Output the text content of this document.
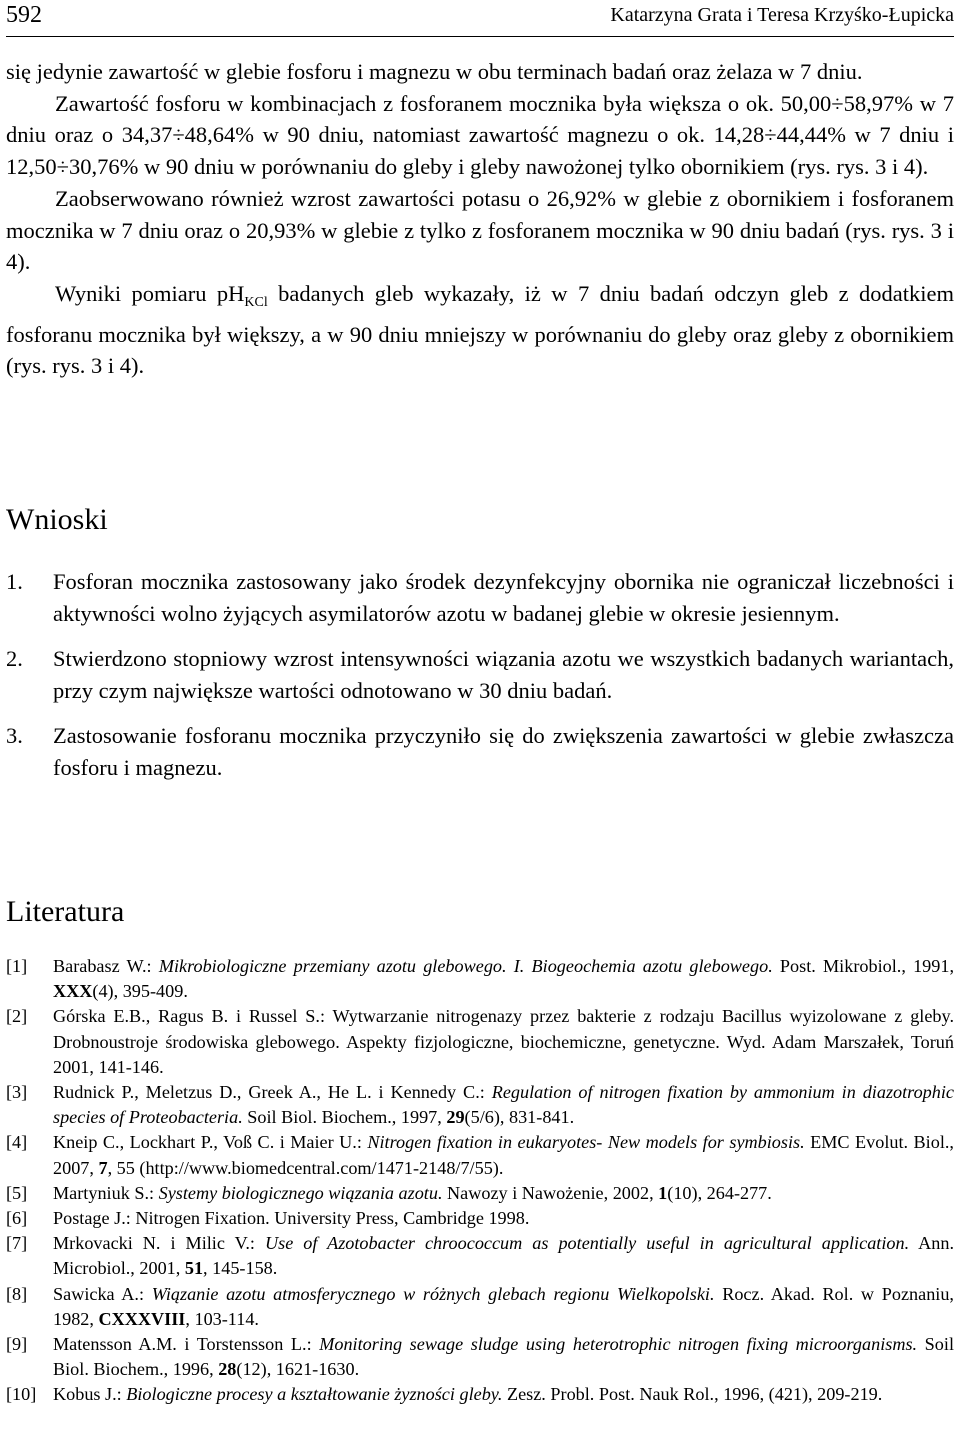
592	Katarzyna Grata i Teresa Krzyśko-Łupicka

się jedynie zawartość w glebie fosforu i magnezu w obu terminach badań oraz żelaza w 7 dniu.

Zawartość fosforu w kombinacjach z fosforanem mocznika była większa o ok. 50,00÷58,97% w 7 dniu oraz o 34,37÷48,64% w 90 dniu, natomiast zawartość magnezu o ok. 14,28÷44,44% w 7 dniu i 12,50÷30,76% w 90 dniu w porównaniu do gleby i gleby nawożonej tylko obornikiem (rys. rys. 3 i 4).

Zaobserwowano również wzrost zawartości potasu o 26,92% w glebie z obornikiem i fosforanem mocznika w 7 dniu oraz o 20,93% w glebie z tylko z fosforanem mocznika w 90 dniu badań (rys. rys. 3 i 4).

Wyniki pomiaru $pH_{KCl}$ badanych gleb wykazały, iż w 7 dniu badań odczyn gleb z dodatkiem fosforanu mocznika był większy, a w 90 dniu mniejszy w porównaniu do gleby oraz gleby z obornikiem (rys. rys. 3 i 4).

Wnioski
1.	Fosforan mocznika zastosowany jako środek dezynfekcyjny obornika nie ograniczał liczebności i aktywności wolno żyjących asymilatorów azotu w badanej glebie w okresie jesiennym.
2.	Stwierdzono stopniowy wzrost intensywności wiązania azotu we wszystkich badanych wariantach, przy czym największe wartości odnotowano w 30 dniu badań.
3.	Zastosowanie fosforanu mocznika przyczyniło się do zwiększenia zawartości w glebie zwłaszcza fosforu i magnezu.
Literatura
[1]	Barabasz W.: Mikrobiologiczne przemiany azotu glebowego. I. Biogeochemia azotu glebowego. Post. Mikrobiol., 1991, XXX(4), 395-409.
[2]	Górska E.B., Ragus B. i Russel S.: Wytwarzanie nitrogenazy przez bakterie z rodzaju Bacillus wyizolowane z gleby. Drobnoustroje środowiska glebowego. Aspekty fizjologiczne, biochemiczne, genetyczne. Wyd. Adam Marszałek, Toruń 2001, 141-146.
[3]	Rudnick P., Meletzus D., Greek A., He L. i Kennedy C.: Regulation of nitrogen fixation by ammonium in diazotrophic species of Proteobacteria. Soil Biol. Biochem., 1997, 29(5/6), 831-841.
[4]	Kneip C., Lockhart P., Voß C. i Maier U.: Nitrogen fixation in eukaryotes- New models for symbiosis. EMC Evolut. Biol., 2007, 7, 55 (http://www.biomedcentral.com/1471-2148/7/55).
[5]	Martyniuk S.: Systemy biologicznego wiązania azotu. Nawozy i Nawożenie, 2002, 1(10), 264-277.
[6]	Postage J.: Nitrogen Fixation. University Press, Cambridge 1998.
[7]	Mrkovacki N. i Milic V.: Use of Azotobacter chroococcum as potentially useful in agricultural application. Ann. Microbiol., 2001, 51, 145-158.
[8]	Sawicka A.: Wiązanie azotu atmosferycznego w różnych glebach regionu Wielkopolski. Rocz. Akad. Rol. w Poznaniu, 1982, CXXXVIII, 103-114.
[9]	Matensson A.M. i Torstensson L.: Monitoring sewage sludge using heterotrophic nitrogen fixing microorganisms. Soil Biol. Biochem., 1996, 28(12), 1621-1630.
[10] Kobus J.: Biologiczne procesy a kształtowanie żyzności gleby. Zesz. Probl. Post. Nauk Rol., 1996, (421), 209-219.
